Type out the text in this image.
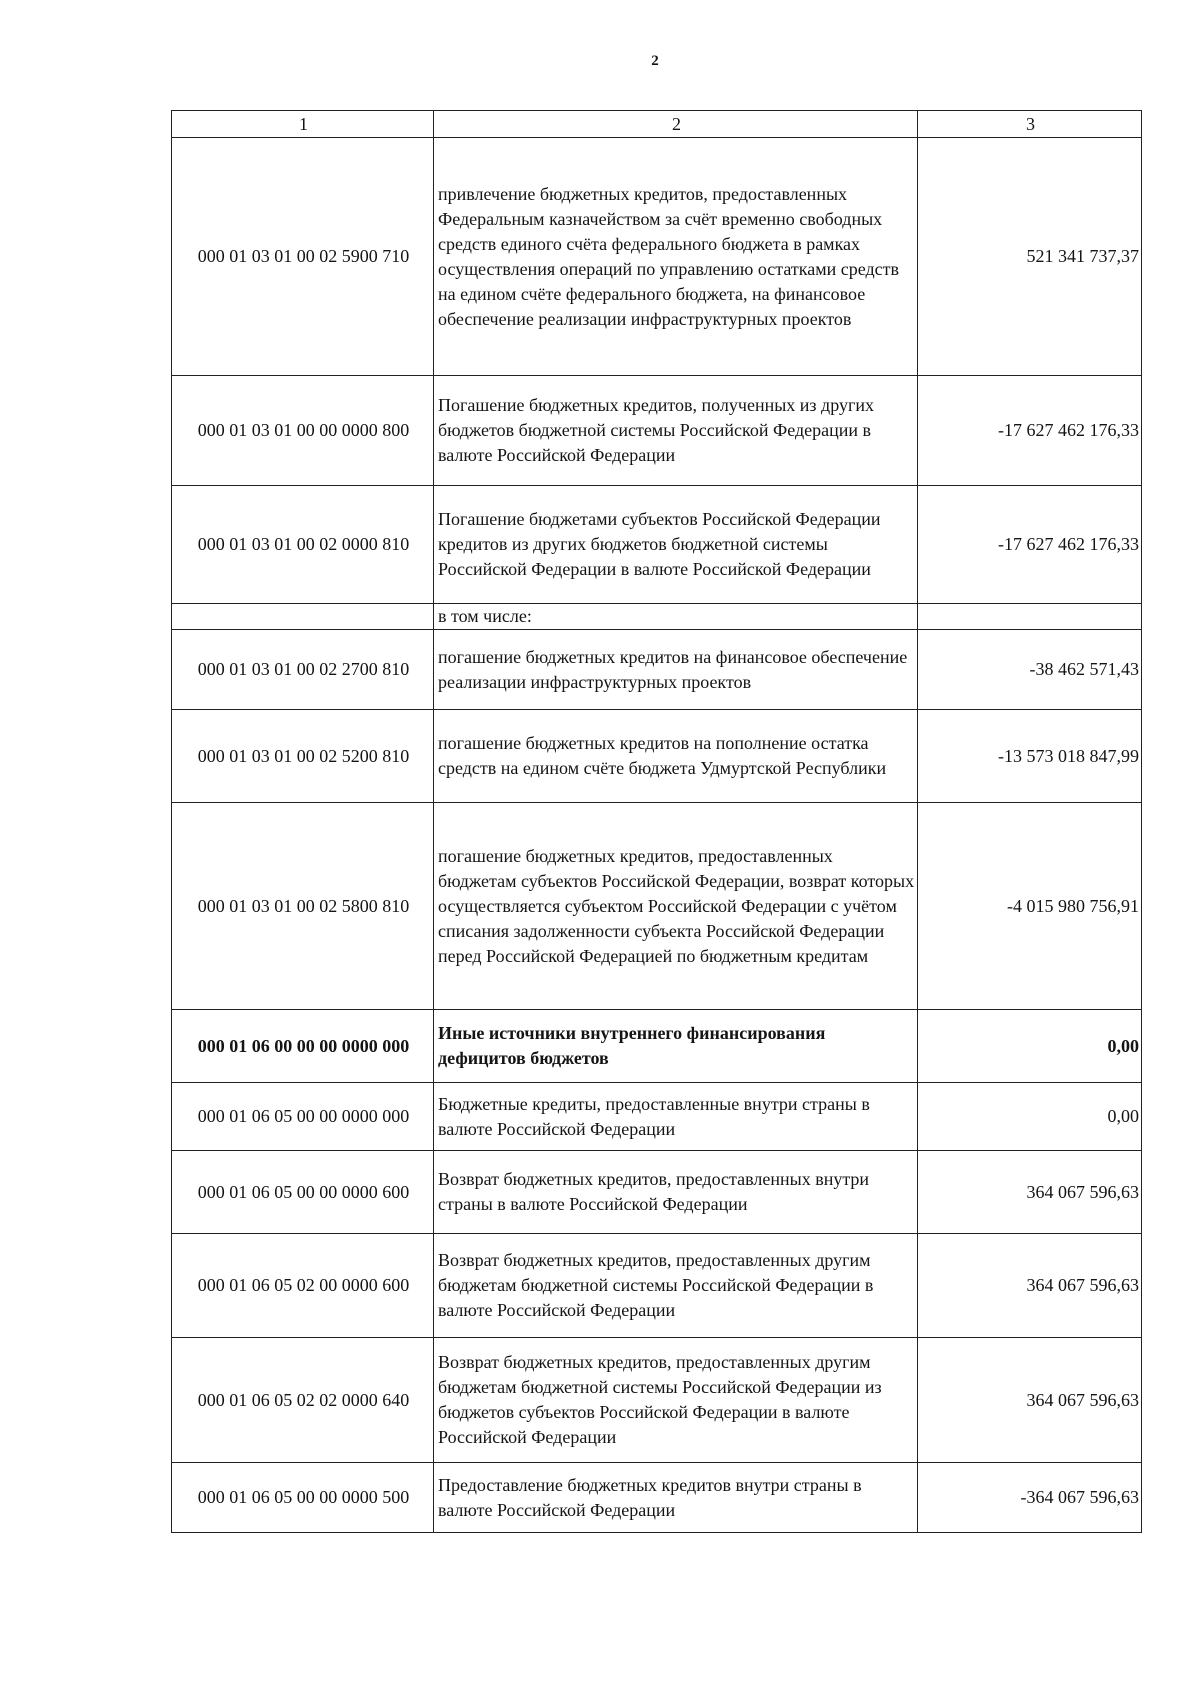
2
1	2	3
000 01 03 01 00 02 5900 710	привлечение бюджетных кредитов, предоставленных Федеральным казначейством за счёт временно свободных средств единого счёта федерального бюджета в рамках осуществления операций по управлению остатками средств на едином счёте федерального бюджета, на финансовое обеспечение реализации инфраструктурных проектов	521 341 737,37
000 01 03 01 00 00 0000 800	Погашение бюджетных кредитов, полученных из других бюджетов бюджетной системы Российской Федерации в валюте Российской Федерации	-17 627 462 176,33
000 01 03 01 00 02 0000 810	Погашение бюджетами субъектов Российской Федерации кредитов из других бюджетов бюджетной системы Российской Федерации в валюте Российской Федерации	-17 627 462 176,33
	в том числе:	
000 01 03 01 00 02 2700 810	погашение бюджетных кредитов на финансовое обеспечение реализации инфраструктурных проектов	-38 462 571,43
000 01 03 01 00 02 5200 810	погашение бюджетных кредитов на пополнение остатка средств на едином счёте бюджета Удмуртской Республики	-13 573 018 847,99
000 01 03 01 00 02 5800 810	погашение бюджетных кредитов, предоставленных бюджетам субъектов Российской Федерации, возврат которых осуществляется субъектом Российской Федерации с учётом списания задолженности субъекта Российской Федерации перед Российской Федерацией по бюджетным кредитам	-4 015 980 756,91
000 01 06 00 00 00 0000 000	Иные источники внутреннего финансирования дефицитов бюджетов	0,00
000 01 06 05 00 00 0000 000	Бюджетные кредиты, предоставленные внутри страны в валюте Российской Федерации	0,00
000 01 06 05 00 00 0000 600	Возврат бюджетных кредитов, предоставленных внутри страны в валюте Российской Федерации	364 067 596,63
000 01 06 05 02 00 0000 600	Возврат бюджетных кредитов, предоставленных другим бюджетам бюджетной системы Российской Федерации в валюте Российской Федерации	364 067 596,63
000 01 06 05 02 02 0000 640	Возврат бюджетных кредитов, предоставленных другим бюджетам бюджетной системы Российской Федерации из бюджетов субъектов Российской Федерации в валюте Российской Федерации	364 067 596,63
000 01 06 05 00 00 0000 500	Предоставление бюджетных кредитов внутри страны в валюте Российской Федерации	-364 067 596,63
